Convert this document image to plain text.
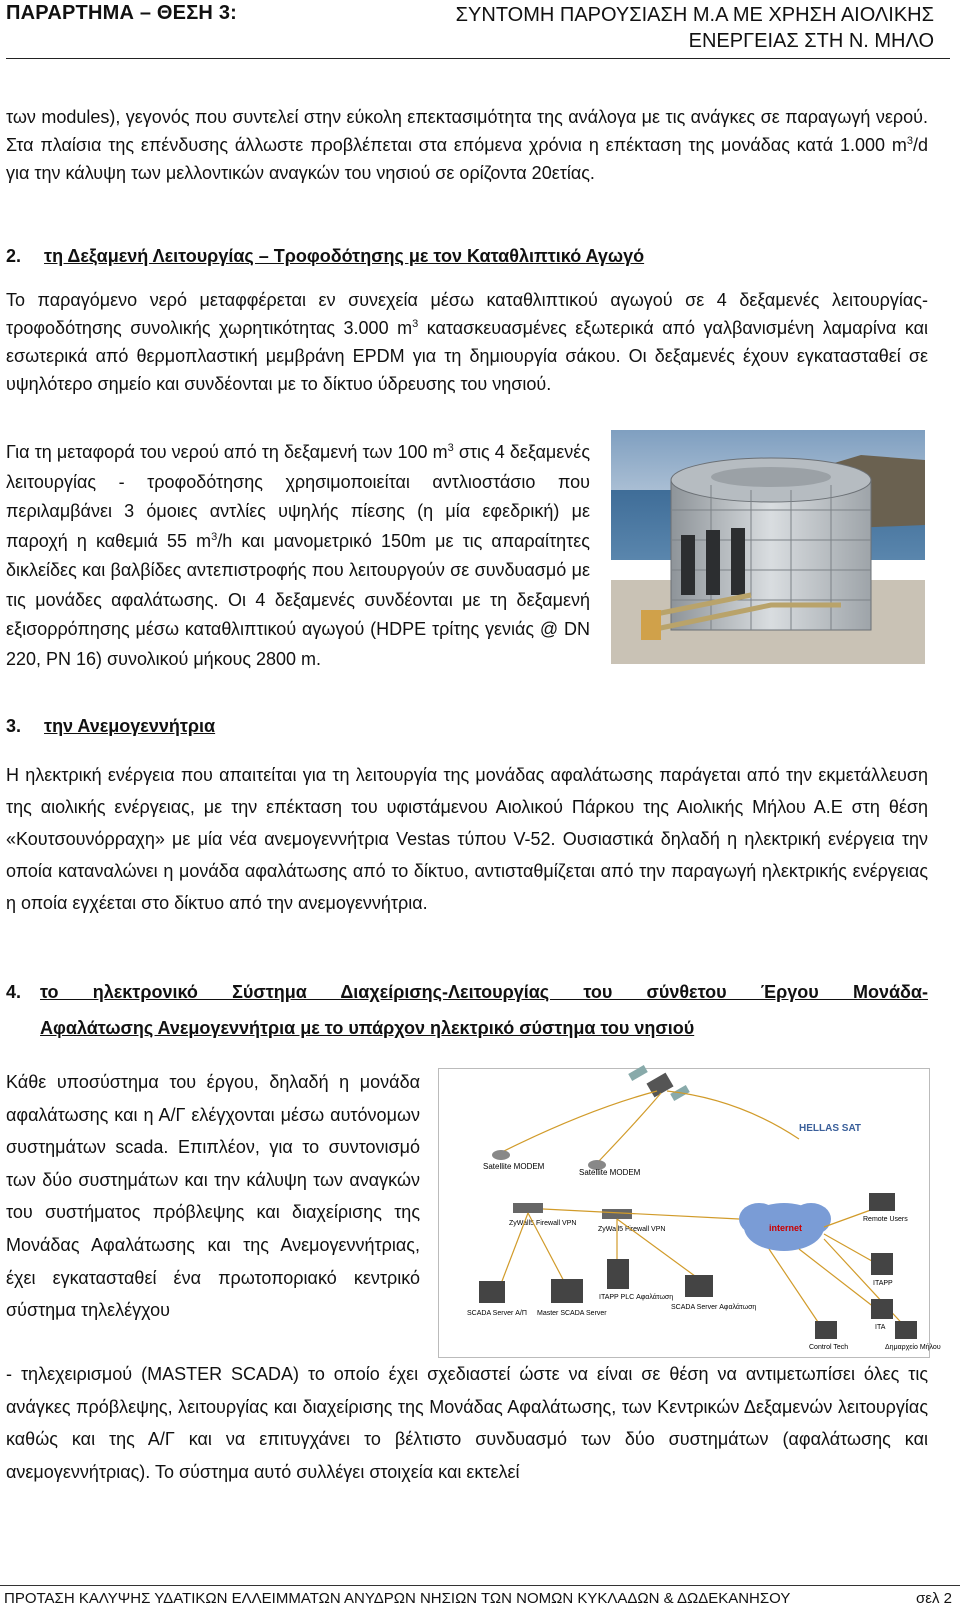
ΠΑΡΑΡΤΗΜΑ – ΘΕΣΗ 3:	ΣΥΝΤΟΜΗ ΠΑΡΟΥΣΙΑΣΗ Μ.Α ΜΕ ΧΡΗΣΗ ΑΙΟΛΙΚΗΣ
ΕΝΕΡΓΕΙΑΣ ΣΤΗ Ν. ΜΗΛΟ
των modules), γεγονός που συντελεί στην εύκολη επεκτασιμότητα της ανάλογα με τις ανάγκες σε παραγωγή νερού. Στα πλαίσια της επένδυσης άλλωστε προβλέπεται στα επόμενα χρόνια η επέκταση της μονάδας κατά 1.000 $m^3/d$ για την κάλυψη των μελλοντικών αναγκών του νησιού σε ορίζοντα 20ετίας.
2. τη Δεξαμενή Λειτουργίας – Τροφοδότησης με τον Καταθλιπτικό Αγωγό
Το παραγόμενο νερό μεταφφέρεται εν συνεχεία μέσω καταθλιπτικού αγωγού σε 4 δεξαμενές λειτουργίας-τροφοδότησης συνολικής χωρητικότητας 3.000 $m^3$ κατασκευασμένες εξωτερικά από γαλβανισμένη λαμαρίνα και εσωτερικά από θερμοπλαστική μεμβράνη EPDM για τη δημιουργία σάκου. Οι δεξαμενές έχουν εγκατασταθεί σε υψηλότερο σημείο και συνδέονται με το δίκτυο ύδρευσης του νησιού.
Για τη μεταφορά του νερού από τη δεξαμενή των 100 $m^3$ στις 4 δεξαμενές λειτουργίας - τροφοδότησης χρησιμοποιείται αντλιοστάσιο που περιλαμβάνει 3 όμοιες αντλίες υψηλής πίεσης (η μία εφεδρική) με παροχή η καθεμιά 55 $m^3/h$ και μανομετρικό 150m με τις απαραίτητες δικλείδες και βαλβίδες αντεπιστροφής που λειτουργούν σε συνδυασμό με τις μονάδες αφαλάτωσης. Οι 4 δεξαμενές συνδέονται με τη δεξαμενή εξισορρόπησης μέσω καταθλιπτικού αγωγού (HDPE τρίτης γενιάς @ DN 220, PN 16) συνολικού μήκους 2800 m.
3. την Ανεμογεννήτρια
Η ηλεκτρική ενέργεια που απαιτείται για τη λειτουργία της μονάδας αφαλάτωσης παράγεται από την εκμετάλλευση της αιολικής ενέργειας, με την επέκταση του υφιστάμενου Αιολικού Πάρκου της Αιολικής Μήλου Α.Ε στη θέση «Κουτσουνόρραχη» με μία νέα ανεμογεννήτρια Vestas τύπου V-52. Ουσιαστικά δηλαδή η ηλεκτρική ενέργεια την οποία καταναλώνει η μονάδα αφαλάτωσης από το δίκτυο, αντισταθμίζεται από την παραγωγή ηλεκτρικής ενέργειας η οποία εγχέεται στο δίκτυο από την ανεμογεννήτρια.
4.	το ηλεκτρονικό Σύστημα Διαχείρισης-Λειτουργίας του σύνθετου Έργου Μονάδα-
Αφαλάτωσης Ανεμογεννήτρια με το υπάρχον ηλεκτρικό σύστημα του νησιού
Κάθε υποσύστημα του έργου, δηλαδή η μονάδα αφαλάτωσης και η Α/Γ ελέγχονται μέσω αυτόνομων συστημάτων scada. Επιπλέον, για το συντονισμό των δύο συστημάτων και την κάλυψη των αναγκών του συστήματος πρόβλεψης και διαχείρισης της Μονάδας Αφαλάτωσης και της Ανεμογεννήτριας, έχει εγκατασταθεί ένα πρωτοποριακό κεντρικό σύστημα τηλελέγχου
Satellite MODEM
Satellite MODEM
HELLAS SAT
ZyWall5 Firewall VPN
ZyWall5 Firewall VPN	internet
SCADA Server Α/Π Master SCADA Server
ITAPP PLC Αφαλάτωση
SCADA Server Αφαλάτωση
Remote Users
ITAPP
ITA
Control Tech	Δημαρχείο Μήλου
- τηλεχειρισμού (MASTER SCADA) το οποίο έχει σχεδιαστεί ώστε να είναι σε θέση να αντιμετωπίσει όλες τις ανάγκες πρόβλεψης, λειτουργίας και διαχείρισης της Μονάδας Αφαλάτωσης, των Κεντρικών Δεξαμενών λειτουργίας καθώς και της Α/Γ και να επιτυγχάνει το βέλτιστο συνδυασμό των δύο συστημάτων (αφαλάτωσης και ανεμογεννήτριας). Το σύστημα αυτό συλλέγει στοιχεία και εκτελεί
ΠΡΟΤΑΣΗ ΚΑΛΥΨΗΣ ΥΔΑΤΙΚΩΝ ΕΛΛΕΙΜΜΑΤΩΝ ΑΝΥΔΡΩΝ ΝΗΣΙΩΝ ΤΩΝ ΝΟΜΩΝ ΚΥΚΛΑΔΩΝ & ΔΩΔΕΚΑΝΗΣΟΥ	σελ 2
